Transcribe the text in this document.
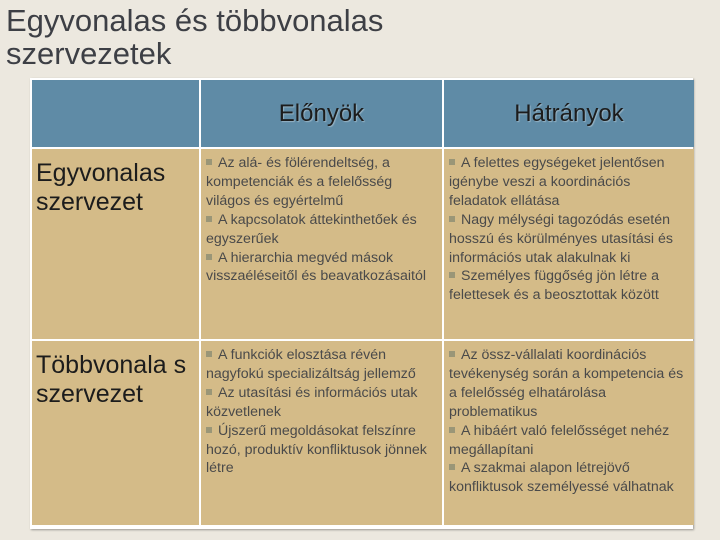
Egyvonalas és többvonalas szervezetek
Előnyök	Hátrányok
Egyvonalas szervezet
Az alá- és fölérendeltség, a kompetenciák és a felelősség világos és egyértelmű
A kapcsolatok áttekinthetőek és egyszerűek
A hierarchia megvéd mások visszaéléseitől és beavatkozásaitól
A felettes egységeket jelentősen igénybe veszi a koordinációs feladatok ellátása
Nagy mélységi tagozódás esetén hosszú és körülményes utasítási és információs utak alakulnak ki
Személyes függőség jön létre a felettesek és a beosztottak között
Többvonala s szervezet
A funkciók elosztása révén nagyfokú specializáltság jellemző
Az utasítási és információs utak közvetlenek
Újszerű megoldásokat felszínre hozó, produktív konfliktusok jönnek létre
Az össz-vállalati koordinációs tevékenység során a kompetencia és a felelősség elhatárolása problematikus
A hibáért való felelősséget nehéz megállapítani
A szakmai alapon létrejövő konfliktusok személyessé válhatnak
